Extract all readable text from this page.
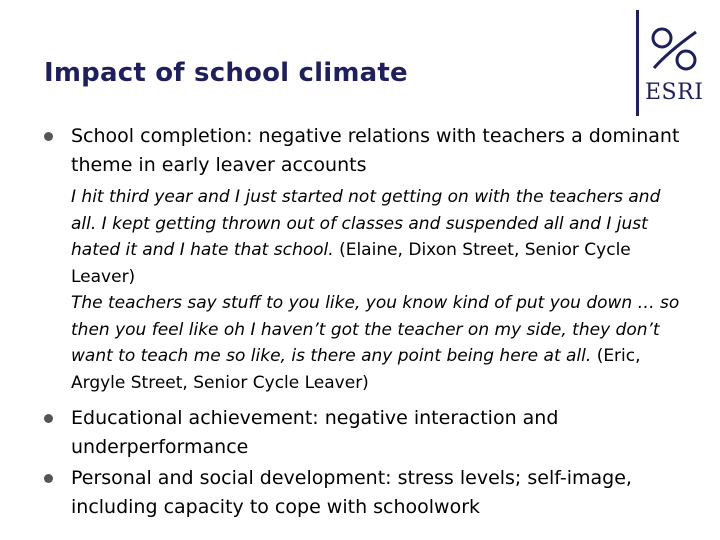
Impact of school climate
ESRI
School completion: negative relations with teachers a dominant theme in early leaver accounts
I hit third year and I just started not getting on with the teachers and all. I kept getting thrown out of classes and suspended all and I just hated it and I hate that school. (Elaine, Dixon Street, Senior Cycle Leaver)
The teachers say stuff to you like, you know kind of put you down … so then you feel like oh I haven’t got the teacher on my side, they don’t want to teach me so like, is there any point being here at all. (Eric, Argyle Street, Senior Cycle Leaver)
Educational achievement: negative interaction and underperformance
Personal and social development: stress levels; self-image, including capacity to cope with schoolwork
